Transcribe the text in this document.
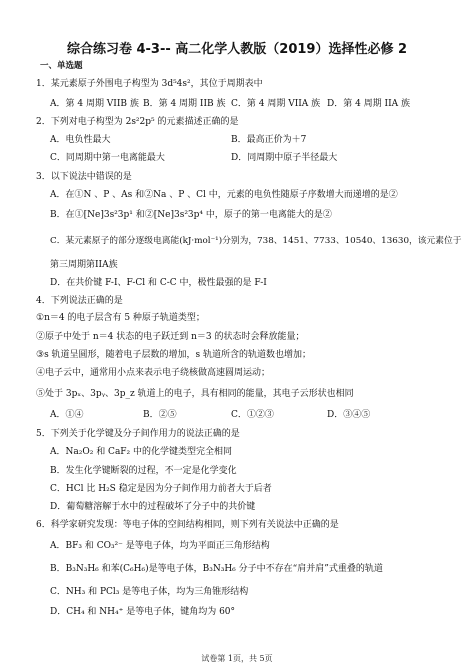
综合练习卷 4-3-- 高二化学人教版（2019）选择性必修 2
一、单选题
1．某元素原子外围电子构型为 3d⁵4s²，其位于周期表中
A．第 4 周期 VIIB 族 B．第 4 周期 IIB 族 C．第 4 周期 VIIA 族 D．第 4 周期 IIA 族
2．下列对电子构型为 2s²2p⁵ 的元素描述正确的是
A．电负性最大	B．最高正价为＋7
C．同周期中第一电离能最大	D．同周期中原子半径最大
3．以下说法中错误的是
A．在①N 、P 、As 和②Na 、P 、Cl 中，元素的电负性随原子序数增大而递增的是②
B．在①[Ne]3s²3p¹ 和②[Ne]3s²3p⁴ 中，原子的第一电离能大的是②
C．某元素原子的部分逐级电离能(kJ·mol⁻¹)分别为，738、1451、7733、10540、13630，该元素位于
第三周期第IIA族
D．在共价键 F-I、F-Cl 和 C-C 中，极性最强的是 F-I
4．下列说法正确的是
①n＝4 的电子层含有 5 种原子轨道类型；
②原子中处于 n＝4 状态的电子跃迁到 n＝3 的状态时会释放能量；
③s 轨道呈圆形，随着电子层数的增加，s 轨道所含的轨道数也增加；
④电子云中，通常用小点来表示电子绕核做高速圆周运动；
⑤处于 3pₓ、3pᵧ、3p_z 轨道上的电子，具有相同的能量，其电子云形状也相同
A．①④	B．②⑤	C．①②③	D．③④⑤
5．下列关于化学键及分子间作用力的说法正确的是
A．Na₂O₂ 和 CaF₂ 中的化学键类型完全相同
B．发生化学键断裂的过程，不一定是化学变化
C．HCl 比 H₂S 稳定是因为分子间作用力前者大于后者
D．葡萄糖溶解于水中的过程破坏了分子中的共价键
6．科学家研究发现：等电子体的空间结构相同，则下列有关说法中正确的是
A．BF₃ 和 CO₃²⁻ 是等电子体，均为平面正三角形结构
B．B₃N₃H₆ 和苯(C₆H₆)是等电子体，B₃N₃H₆ 分子中不存在“肩并肩”式重叠的轨道
C．NH₃ 和 PCl₃ 是等电子体，均为三角锥形结构
D．CH₄ 和 NH₄⁺ 是等电子体，键角均为 60°
试卷第 1页，共 5页
